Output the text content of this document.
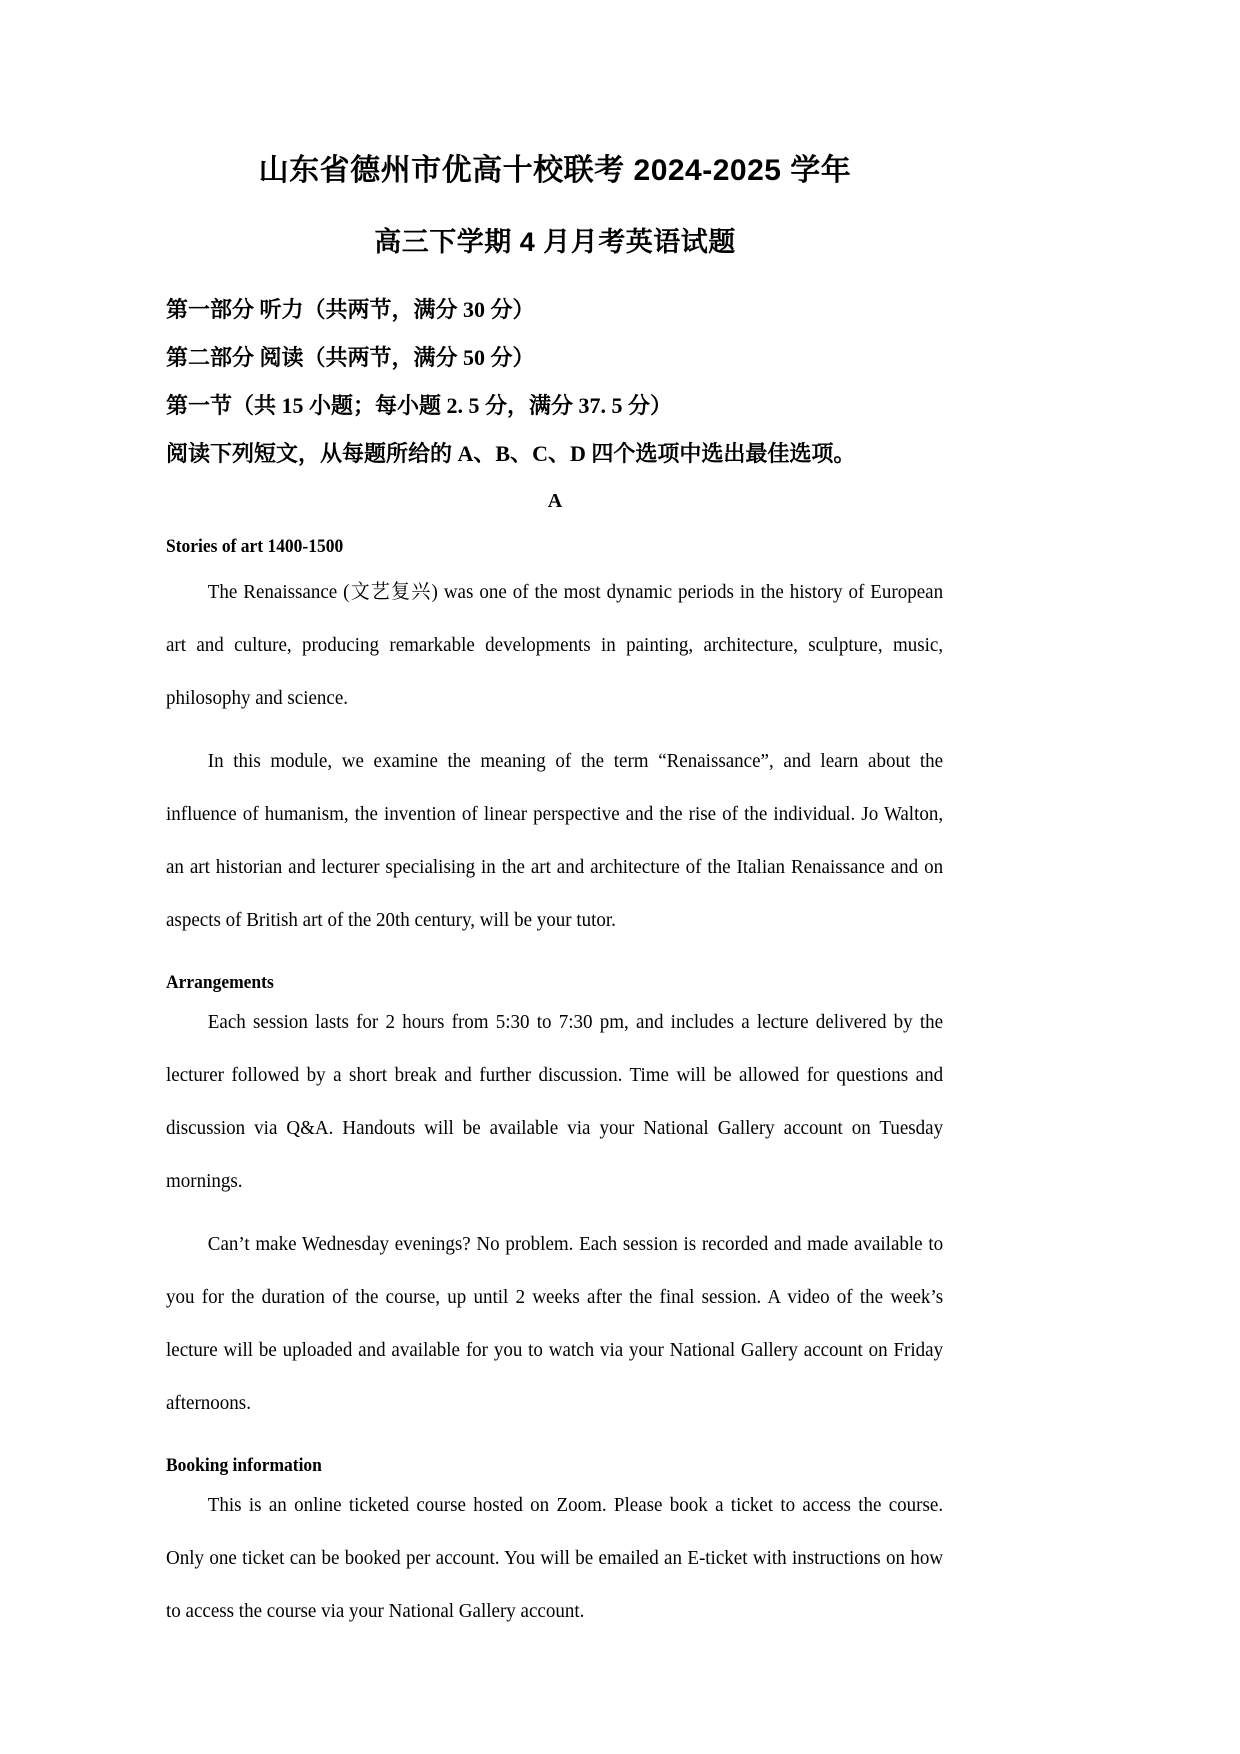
山东省德州市优高十校联考 2024-2025 学年
高三下学期 4 月月考英语试题

第一部分 听力（共两节，满分 30 分）

第二部分 阅读（共两节，满分 50 分）

第一节（共 15 小题；每小题 2. 5 分，满分 37. 5 分）

阅读下列短文，从每题所给的 A、B、C、D 四个选项中选出最佳选项。

A

Stories of art 1400-1500

The Renaissance (文艺复兴) was one of the most dynamic periods in the history of European art and culture, producing remarkable developments in painting, architecture, sculpture, music, philosophy and science.

In this module, we examine the meaning of the term “Renaissance”, and learn about the influence of humanism, the invention of linear perspective and the rise of the individual. Jo Walton, an art historian and lecturer specialising in the art and architecture of the Italian Renaissance and on aspects of British art of the 20th century, will be your tutor.

Arrangements

Each session lasts for 2 hours from 5:30 to 7:30 pm, and includes a lecture delivered by the lecturer followed by a short break and further discussion. Time will be allowed for questions and discussion via Q&A. Handouts will be available via your National Gallery account on Tuesday mornings.

Can’t make Wednesday evenings? No problem. Each session is recorded and made available to you for the duration of the course, up until 2 weeks after the final session. A video of the week’s lecture will be uploaded and available for you to watch via your National Gallery account on Friday afternoons.

Booking information

This is an online ticketed course hosted on Zoom. Please book a ticket to access the course. Only one ticket can be booked per account. You will be emailed an E-ticket with instructions on how to access the course via your National Gallery account.
